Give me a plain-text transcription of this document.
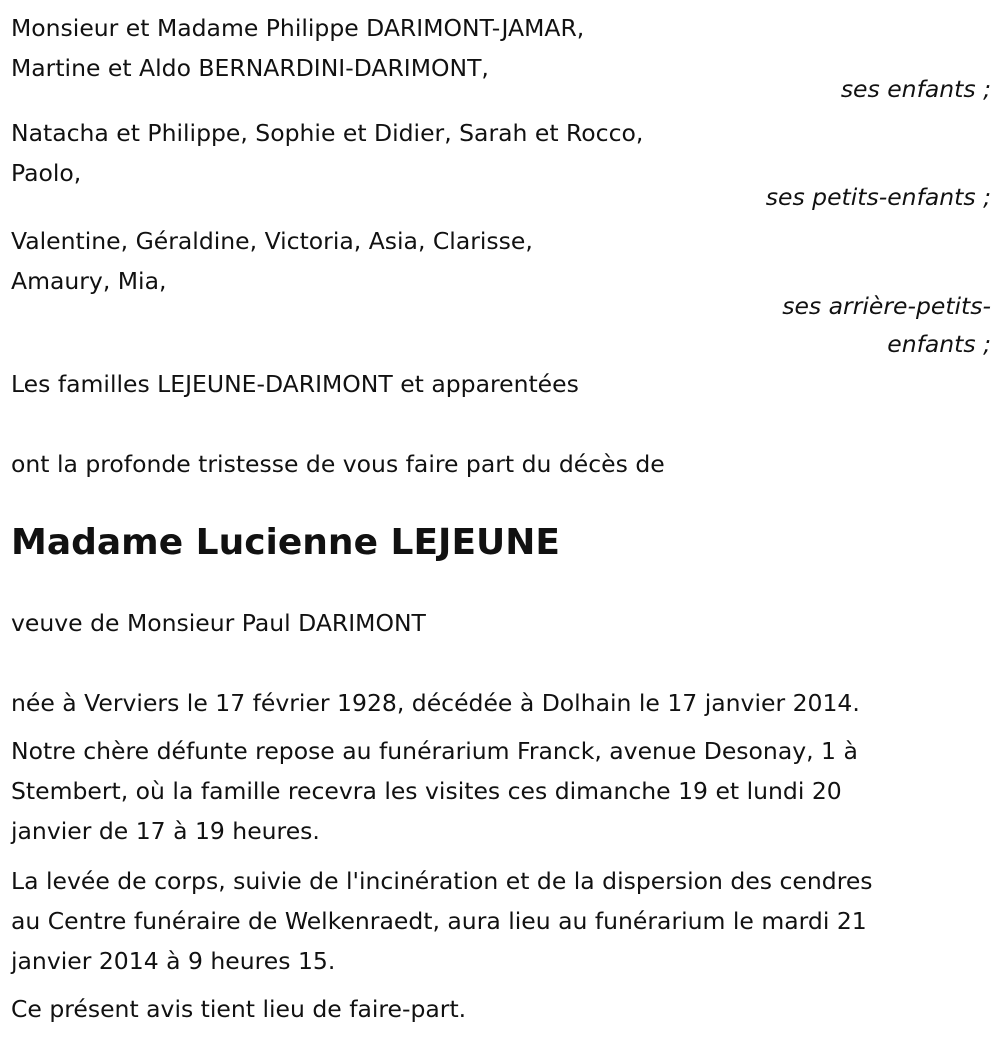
Monsieur et Madame Philippe DARIMONT-JAMAR,
Martine et Aldo BERNARDINI-DARIMONT,
ses enfants ;
Natacha et Philippe, Sophie et Didier, Sarah et Rocco,
Paolo,
ses petits-enfants ;
Valentine, Géraldine, Victoria, Asia, Clarisse,
Amaury, Mia,
ses arrière-petits-
enfants ;
Les familles LEJEUNE-DARIMONT et apparentées
ont la profonde tristesse de vous faire part du décès de
Madame Lucienne LEJEUNE
veuve de Monsieur Paul DARIMONT
née à Verviers le 17 février 1928, décédée à Dolhain le 17 janvier 2014.
Notre chère défunte repose au funérarium Franck, avenue Desonay, 1 à
Stembert, où la famille recevra les visites ces dimanche 19 et lundi 20
janvier de 17 à 19 heures.
La levée de corps, suivie de l'incinération et de la dispersion des cendres
au Centre funéraire de Welkenraedt, aura lieu au funérarium le mardi 21
janvier 2014 à 9 heures 15.
Ce présent avis tient lieu de faire-part.
